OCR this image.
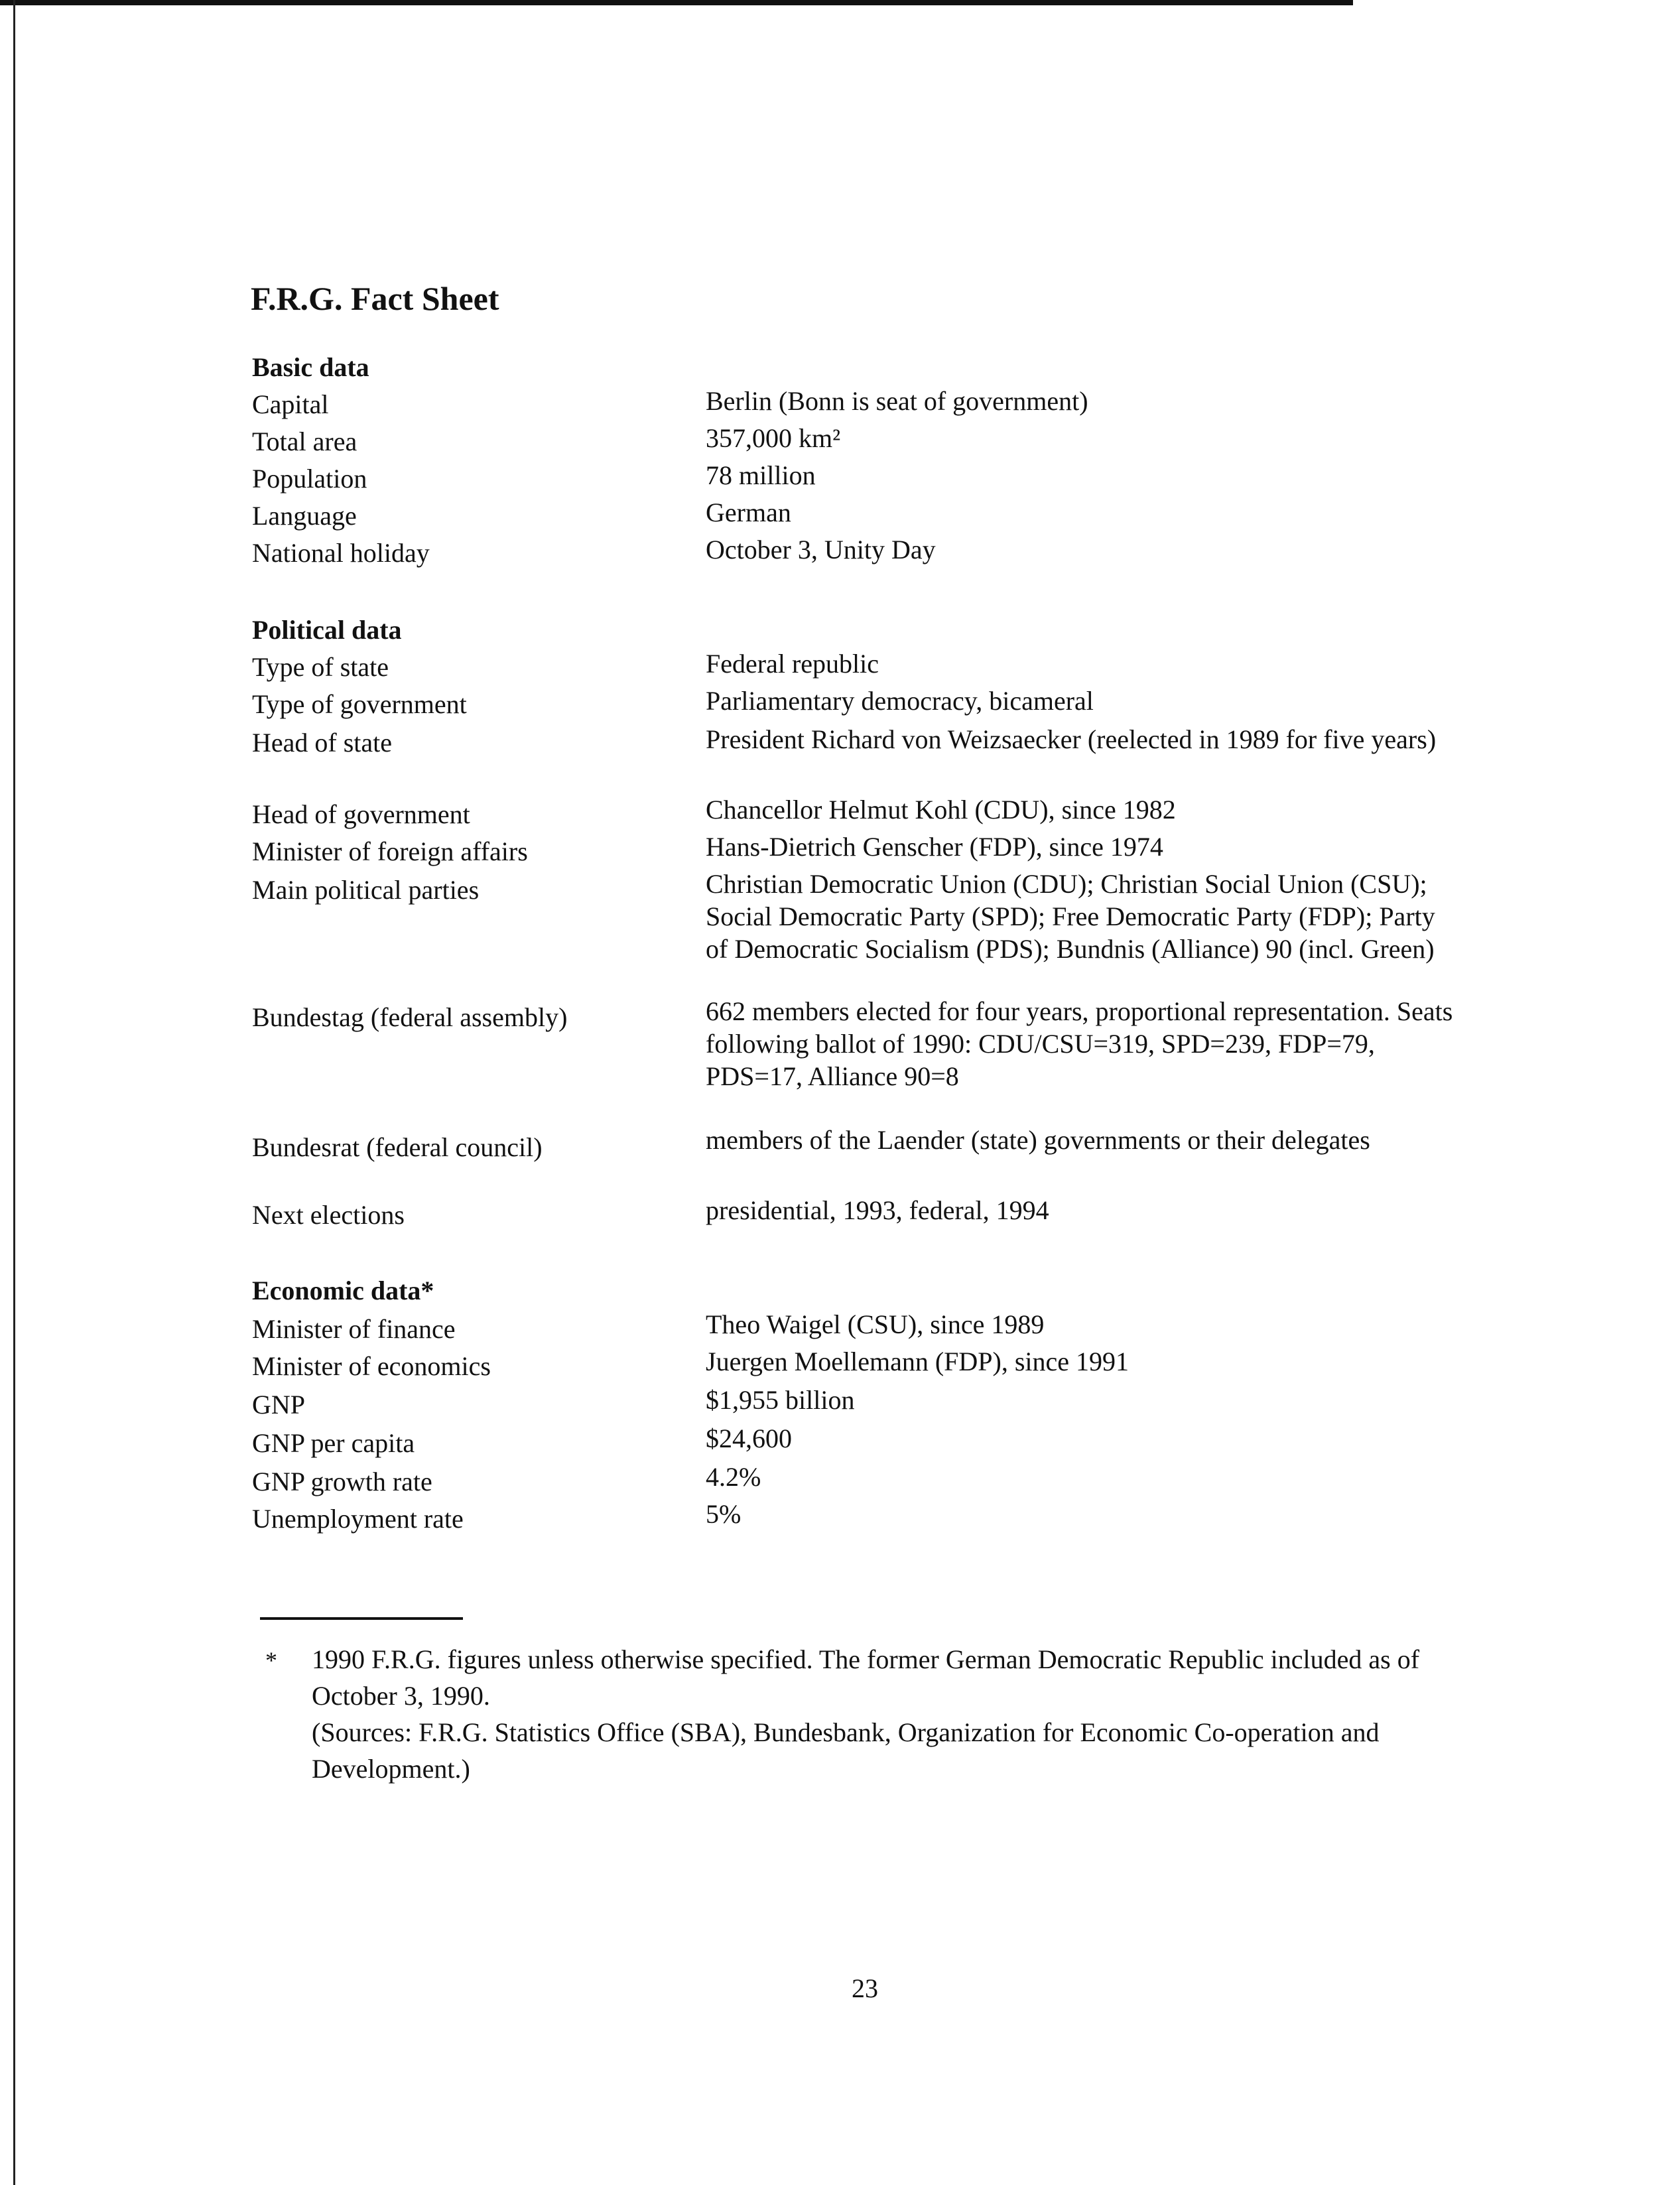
F.R.G. Fact Sheet
Basic data
Capital	Berlin (Bonn is seat of government)
Total area	357,000 km²
Population	78 million
Language	German
National holiday	October 3, Unity Day
Political data
Type of state	Federal republic
Type of government	Parliamentary democracy, bicameral
Head of state	President Richard von Weizsaecker (reelected in 1989 for five years)
Head of government	Chancellor Helmut Kohl (CDU), since 1982
Minister of foreign affairs	Hans-Dietrich Genscher (FDP), since 1974
Main political parties	Christian Democratic Union (CDU); Christian Social Union (CSU); Social Democratic Party (SPD); Free Democratic Party (FDP); Party of Democratic Socialism (PDS); Bundnis (Alliance) 90 (incl. Green)
Bundestag (federal assembly)	662 members elected for four years, proportional representation. Seats following ballot of 1990: CDU/CSU=319, SPD=239, FDP=79, PDS=17, Alliance 90=8
Bundesrat (federal council)	members of the Laender (state) governments or their delegates
Next elections	presidential, 1993, federal, 1994
Economic data*
Minister of finance	Theo Waigel (CSU), since 1989
Minister of economics	Juergen Moellemann (FDP), since 1991
GNP	$1,955 billion
GNP per capita	$24,600
GNP growth rate	4.2%
Unemployment rate	5%
* 1990 F.R.G. figures unless otherwise specified. The former German Democratic Republic included as of October 3, 1990.

(Sources: F.R.G. Statistics Office (SBA), Bundesbank, Organization for Economic Co-operation and Development.)

23
